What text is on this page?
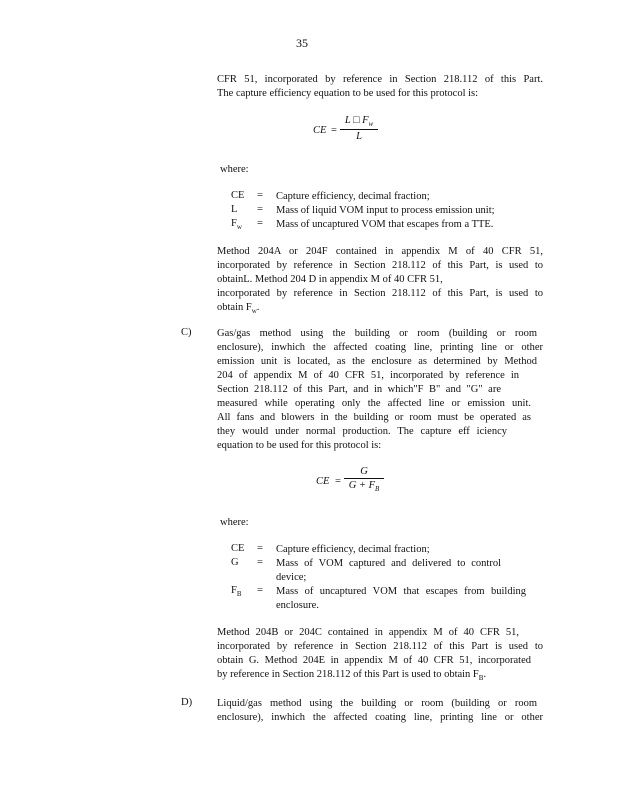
35
CFR 51, incorporated by reference in Section 218.112 of this Part.
The capture efficiency equation to be used for this protocol is:
CE =
L □ $F_w$
L
where:
CE = Capture efficiency, decimal fraction;
L = Mass of liquid VOM input to process emission unit;
$F_w$ = Mass of uncaptured VOM that escapes from a TTE.
Method 204A or 204F contained in appendix M of 40 CFR 51,
incorporated by reference in Section 218.112 of this Part, is used to
obtainL. Method 204 D in appendix M of 40 CFR 51,
incorporated by reference in Section 218.112 of this Part, is used to
obtain $F_w$.
C) Gas/gas method using the building or room (building or room
enclosure), inwhich the affected coating line, printing line or other
emission unit is located, as the enclosure as determined by Method
204 of appendix M of 40 CFR 51, incorporated by reference in
Section 218.112 of this Part, and in which"F B" and "G" are
measured while operating only the affected line or emission unit.
All fans and blowers in the building or room must be operated as
they would under normal production. The capture eff iciency
equation to be used for this protocol is:
CE =
G
$G + F_B$
where:
CE = Capture efficiency, decimal fraction;
G = Mass of VOM captured and delivered to control
device;
$F_B$ = Mass of uncaptured VOM that escapes from building
enclosure.
Method 204B or 204C contained in appendix M of 40 CFR 51,
incorporated by reference in Section 218.112 of this Part is used to
obtain G. Method 204E in appendix M of 40 CFR 51, incorporated
by reference in Section 218.112 of this Part is used to obtain $F_B$.
D) Liquid/gas method using the building or room (building or room
enclosure), inwhich the affected coating line, printing line or other
